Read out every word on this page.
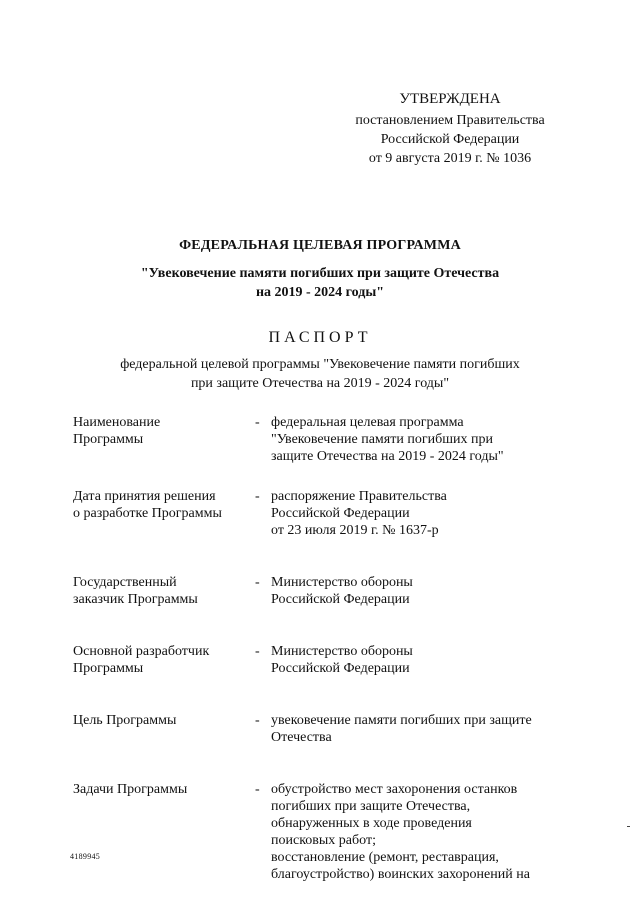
УТВЕРЖДЕНА
постановлением Правительства
Российской Федерации
от 9 августа 2019 г. № 1036
ФЕДЕРАЛЬНАЯ ЦЕЛЕВАЯ ПРОГРАММА
"Увековечение памяти погибших при защите Отечества
на 2019 - 2024 годы"
ПАСПОРТ
федеральной целевой программы "Увековечение памяти погибших
при защите Отечества на 2019 - 2024 годы"
Наименование
Программы
- федеральная целевая программа
"Увековечение памяти погибших при
защите Отечества на 2019 - 2024 годы"
Дата принятия решения
о разработке Программы
- распоряжение Правительства
Российской Федерации
от 23 июля 2019 г. № 1637-р
Государственный
заказчик Программы
- Министерство обороны
Российской Федерации
Основной разработчик
Программы
- Министерство обороны
Российской Федерации
Цель Программы	- увековечение памяти погибших при защите
Отечества
Задачи Программы	- обустройство мест захоронения останков
погибших при защите Отечества,
обнаруженных в ходе проведения
поисковых работ;
восстановление (ремонт, реставрация,
благоустройство) воинских захоронений на
4189945
